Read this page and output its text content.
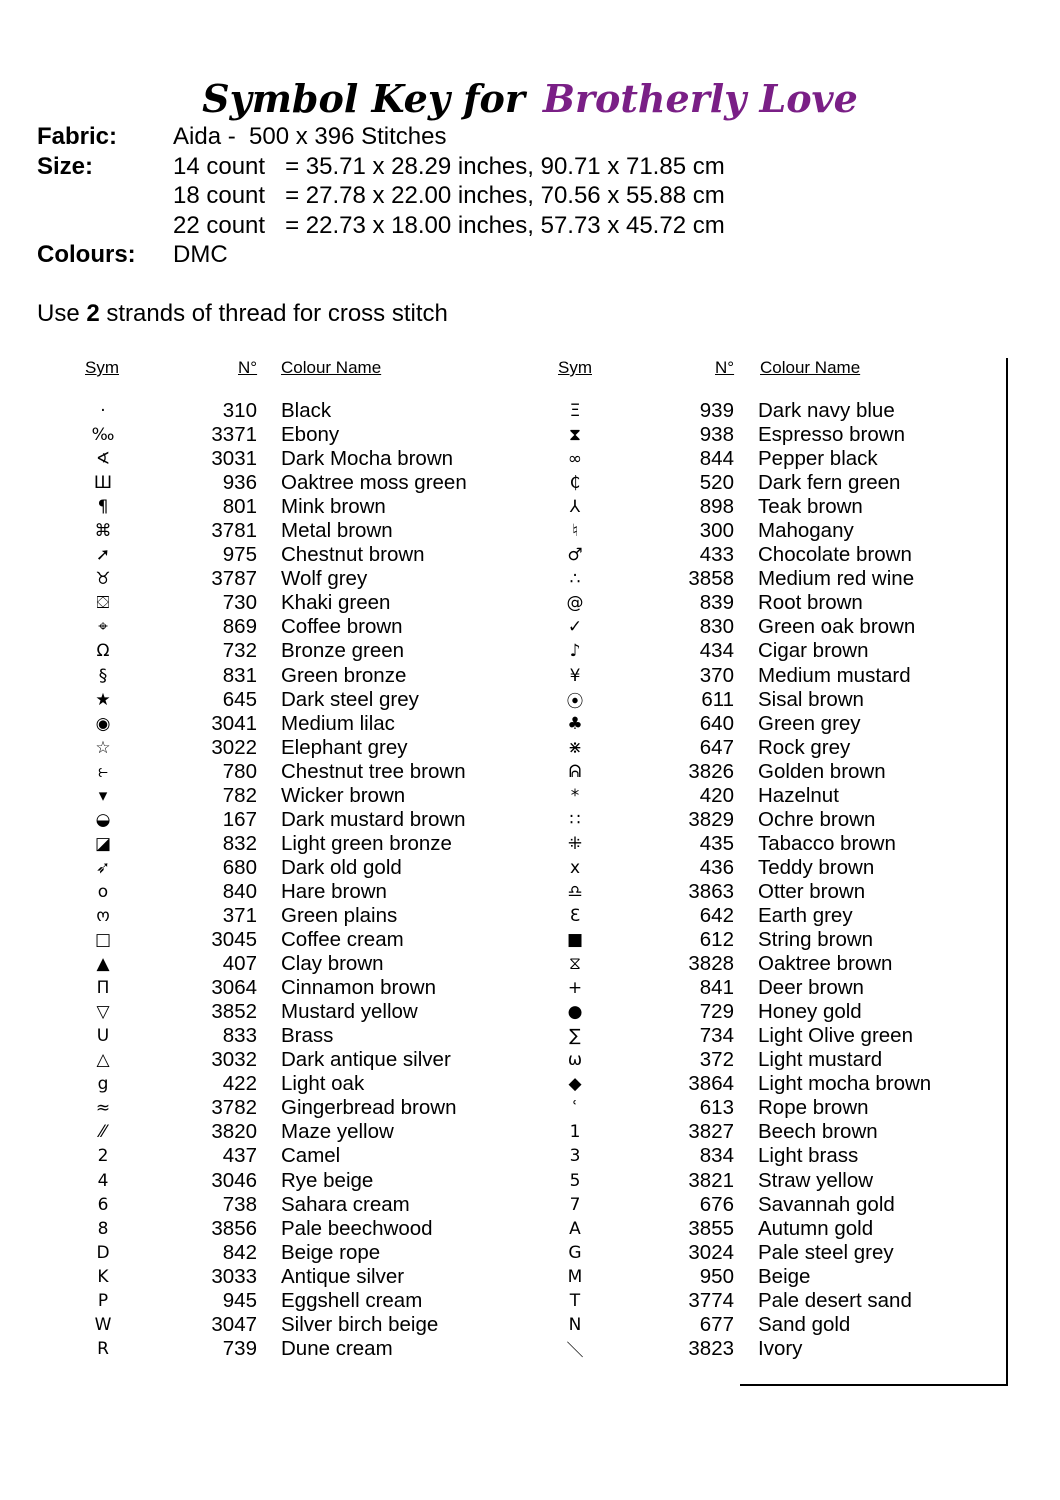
Symbol Key for Brotherly Love
Fabric:	Aida -  500 x 396 Stitches
Size:	14 count   = 35.71 x 28.29 inches, 90.71 x 71.85 cm
18 count   = 27.78 x 22.00 inches, 70.56 x 55.88 cm
22 count   = 22.73 x 18.00 inches, 57.73 x 45.72 cm
Colours:	DMC
Use 2 strands of thread for cross stitch
Sym	N° Colour Name	Sym	N° Colour Name
·	310 Black
‰	3371 Ebony
∢	3031 Dark Mocha brown
Ш	936 Oaktree moss green
¶	801 Mink brown
⌘	3781 Metal brown
➚	975 Chestnut brown
♉	3787 Wolf grey
⛋	730 Khaki green
⌖	869 Coffee brown
Ω	732 Bronze green
§	831 Green bronze
★	645 Dark steel grey
◉	3041 Medium lilac
☆	3022 Elephant grey
⥼	780 Chestnut tree brown
▾	782 Wicker brown
◒	167 Dark mustard brown
◪	832 Light green bronze
➶	680 Dark old gold
o	840 Hare brown
ო	371 Green plains
□	3045 Coffee cream
▲	407 Clay brown
Π	3064 Cinnamon brown
▽	3852 Mustard yellow
Ս	833 Brass
△	3032 Dark antique silver
g	422 Light oak
≈	3782 Gingerbread brown
⁄⁄	3820 Maze yellow
2	437 Camel
4	3046 Rye beige
6	738 Sahara cream
8	3856 Pale beechwood
D	842 Beige rope
K	3033 Antique silver
P	945 Eggshell cream
W	3047 Silver birch beige
R	739 Dune cream
Ξ	939 Dark navy blue
⧗	938 Espresso brown
∞	844 Pepper black
₵	520 Dark fern green
⅄	898 Teak brown
♮	300 Mahogany
♂	433 Chocolate brown
∴	3858 Medium red wine
@	839 Root brown
✓	830 Green oak brown
♪	434 Cigar brown
¥	370 Medium mustard
⦿	611 Sisal brown
♣	640 Green grey
⋇	647 Rock grey
ᕱ	3826 Golden brown
*	420 Hazelnut
∷	3829 Ochre brown
⁜	435 Tabacco brown
x	436 Teddy brown
♎	3863 Otter brown
Ɛ	642 Earth grey
■	612 String brown
⧖	3828 Oaktree brown
+	841 Deer brown
●	729 Honey gold
∑	734 Light Olive green
ω	372 Light mustard
◆	3864 Light mocha brown
ʿ	613 Rope brown
1	3827 Beech brown
3	834 Light brass
5	3821 Straw yellow
7	676 Savannah gold
A	3855 Autumn gold
G	3024 Pale steel grey
M	950 Beige
T	3774 Pale desert sand
N	677 Sand gold
＼	3823 Ivory
